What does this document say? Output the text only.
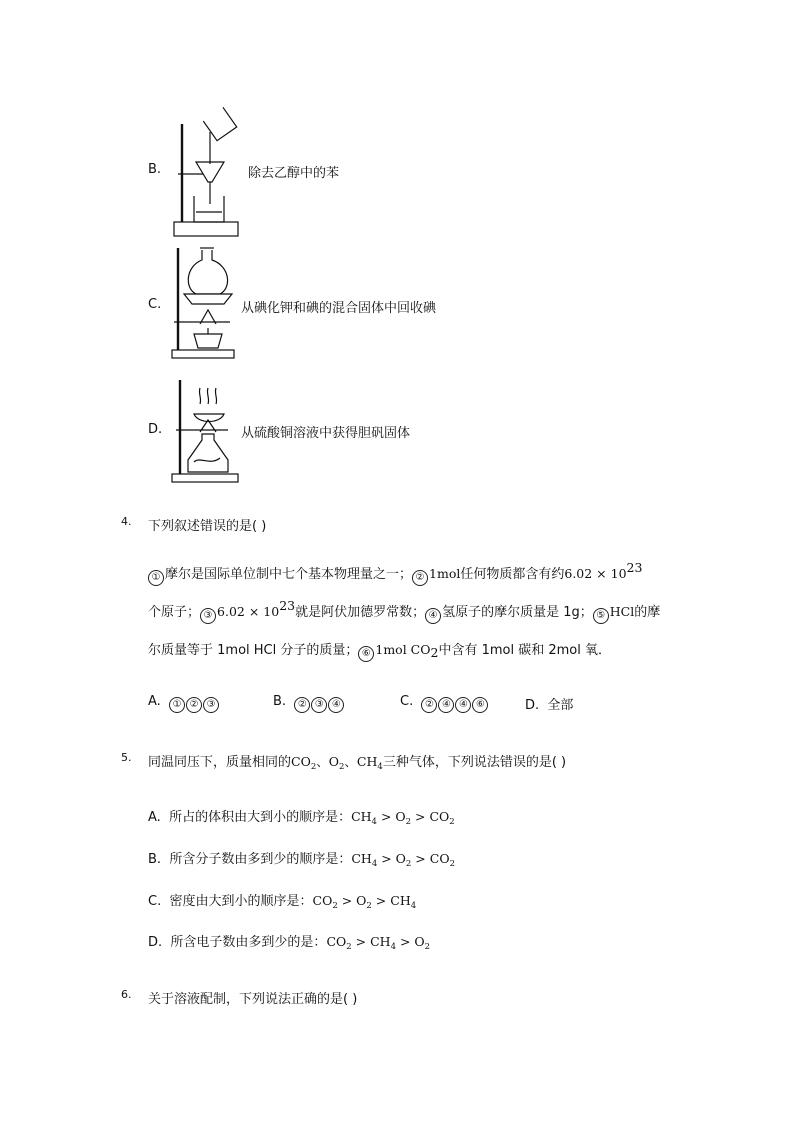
B.	除去乙醇中的苯
C.	从碘化钾和碘的混合固体中回收碘
D.	从硫酸铜溶液中获得胆矾固体
4. 下列叙述错误的是( )
① 摩尔是国际单位制中七个基本物理量之一； ② 1mol任何物质都含有约$6.02 \times 10^{23}$
个原子； ③ $6.02 \times 10^{23}$就是阿伏加德罗常数； ④ 氢原子的摩尔质量是 1g； ⑤ HCl的摩
尔质量等于 1mol HCl 分子的质量； ⑥ 1mol $CO_2$中含有 1mol 碳和 2mol 氧．
A. ① ② ③	B. ② ③ ④	C. ② ④ ④ ⑥	D. 全部
5. 同温同压下，质量相同的$CO_2$、$O_2$、$CH_4$三种气体，下列说法错误的是( )
A. 所占的体积由大到小的顺序是：$CH_4 > O_2 > CO_2$
B. 所含分子数由多到少的顺序是：$CH_4 > O_2 > CO_2$
C. 密度由大到小的顺序是：$CO_2 > O_2 > CH_4$
D. 所含电子数由多到少的是：$CO_2 > CH_4 > O_2$
6. 关于溶液配制，下列说法正确的是( )
